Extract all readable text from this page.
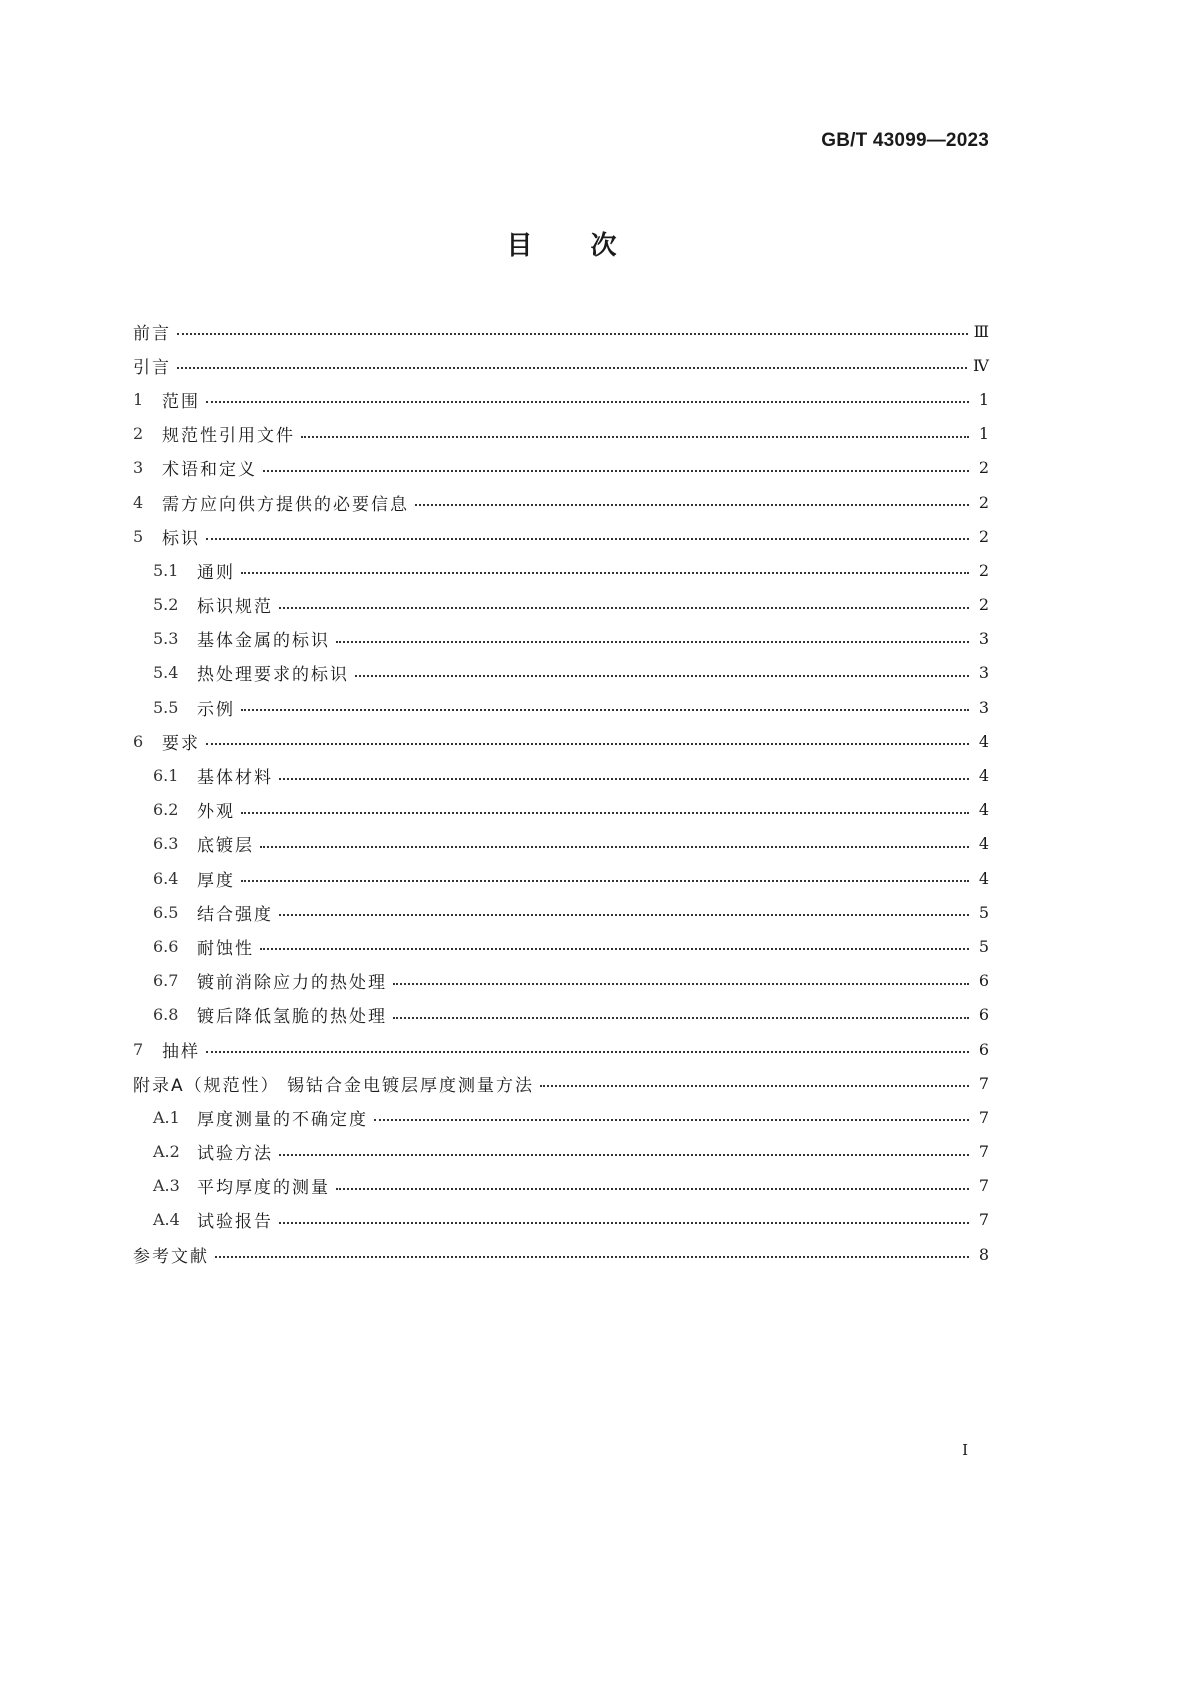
GB/T 43099—2023
目次
前言	Ⅲ
引言	Ⅳ
1	范围	1
2	规范性引用文件	1
3	术语和定义	2
4	需方应向供方提供的必要信息	2
5	标识	2
5.1	通则	2
5.2	标识规范	2
5.3	基体金属的标识	3
5.4	热处理要求的标识	3
5.5	示例	3
6	要求	4
6.1	基体材料	4
6.2	外观	4
6.3	底镀层	4
6.4	厚度	4
6.5	结合强度	5
6.6	耐蚀性	5
6.7	镀前消除应力的热处理	6
6.8	镀后降低氢脆的热处理	6
7	抽样	6
附录A（规范性） 锡钴合金电镀层厚度测量方法	7
A.1	厚度测量的不确定度	7
A.2	试验方法	7
A.3	平均厚度的测量	7
A.4	试验报告	7
参考文献	8
Ⅰ
